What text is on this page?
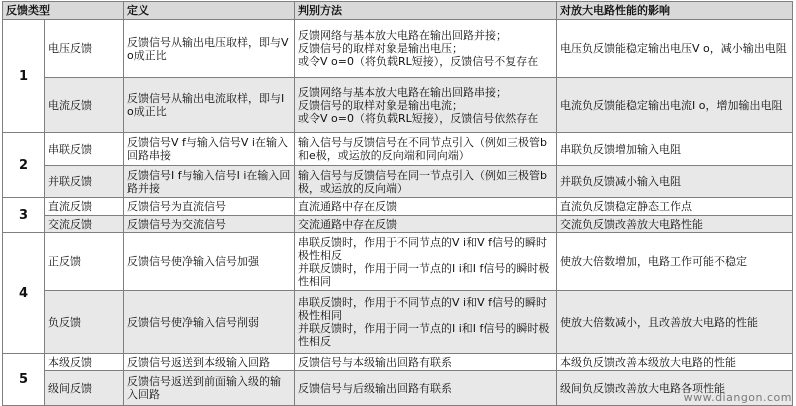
反馈类型		定义	判别方法	对放大电路性能的影响
1	电压反馈	反馈信号从输出电压取样，即与V o成正比	反馈网络与基本放大电路在输出回路并接；
反馈信号的取样对象是输出电压；
或令V o=0（将负载RL短接），反馈信号不复存在	电压负反馈能稳定输出电压V o，减小输出电阻
	电流反馈	反馈信号从输出电流取样，即与I o成正比	反馈网络与基本放大电路在输出回路串接；
反馈信号的取样对象是输出电流；
或令V o=0（将负载RL短接），反馈信号依然存在	电流负反馈能稳定输出电流I o，增加输出电阻
2	串联反馈	反馈信号V f与输入信号V i在输入回路串接	输入信号与反馈信号在不同节点引入（例如三极管b和e极，或运放的反向端和同向端）	串联负反馈增加输入电阻
	并联反馈	反馈信号I f与输入信号I i在输入回路并接	输入信号与反馈信号在同一节点引入（例如三极管b极，或运放的反向端）	并联负反馈减小输入电阻
3	直流反馈	反馈信号为直流信号	直流通路中存在反馈	直流负反馈稳定静态工作点
	交流反馈	反馈信号为交流信号	交流通路中存在反馈	交流负反馈改善放大电路性能
4	正反馈	反馈信号使净输入信号加强	串联反馈时，作用于不同节点的V i和V f信号的瞬时极性相反
并联反馈时，作用于同一节点的I i和I f信号的瞬时极性相同	使放大倍数增加，电路工作可能不稳定
	负反馈	反馈信号使净输入信号削弱	串联反馈时，作用于不同节点的V i和V f信号的瞬时极性相同
并联反馈时，作用于同一节点的I i和I f信号的瞬时极性相反	使放大倍数减小，且改善放大电路的性能
5	本级反馈	反馈信号返送到本级输入回路	反馈信号与本级输出回路有联系	本级负反馈改善本级放大电路的性能
	级间反馈	反馈信号返送到前面输入级的输入回路	反馈信号与后级输出回路有联系	级间负反馈改善放大电路各项性能
www.diangon.com
